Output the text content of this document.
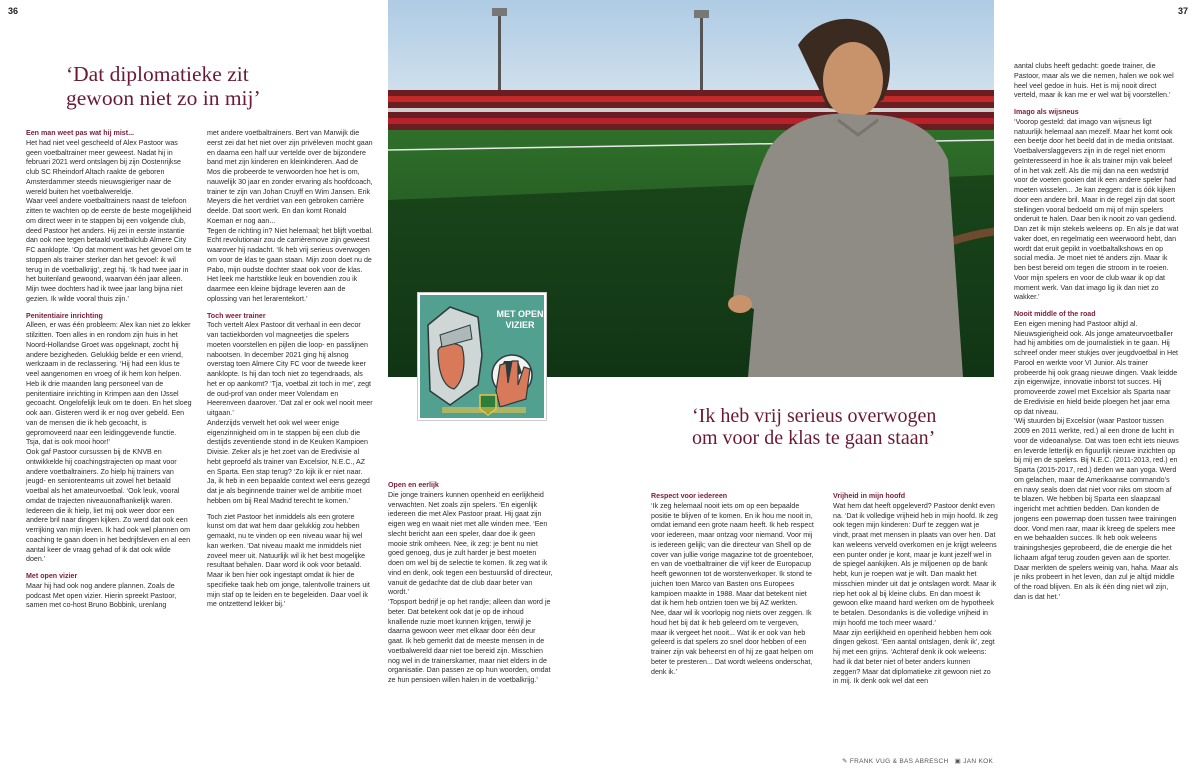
36	37
‘Dat diplomatieke zit gewoon niet zo in mij’

Een man weet pas wat hij mist...

Het had niet veel gescheeld of Alex Pastoor was geen voetbaltrainer meer geweest. Nadat hij in februari 2021 werd ontslagen bij zijn Oostenrijkse club SC Rheindorf Altach raakte de geboren Amsterdammer steeds nieuwsgieriger naar de wereld buiten het voetbalwereldje.

Waar veel andere voetbaltrainers naast de telefoon zitten te wachten op de eerste de beste mogelijkheid om direct weer in te stappen bij een volgende club, deed Pastoor het anders. Hij zei in eerste instantie dan ook nee tegen betaald voetbalclub Almere City FC aanklopte. ‘Op dat moment was het gevoel om te stoppen als trainer sterker dan het gevoel: ik wil terug in de voetbalkrijg’, zegt hij. ‘Ik had twee jaar in het buitenland gewoond, waarvan één jaar alleen. Mijn twee dochters had ik twee jaar lang bijna niet gezien. Ik wilde vooral thuis zijn.’

Penitentiaire inrichting

Alleen, er was één probleem: Alex kan niet zo lekker stilzitten. Toen alles in en rondom zijn huis in het Noord-Hollandse Groet was opgeknapt, zocht hij andere bezigheden. Gelukkig belde er een vriend, werkzaam in de reclassering. ‘Hij had een klus te veel aangenomen en vroeg of ik hem kon helpen. Heb ik drie maanden lang personeel van de penitentiaire inrichting in Krimpen aan den IJssel gecoacht. Ongelofelijk leuk om te doen. En het sloeg ook aan. Gisteren werd ik er nog over gebeld. Een van de mensen die ik heb gecoacht, is gepromoveerd naar een leidinggevende functie. Tsja, dat is ook mooi hoor!’

Ook gaf Pastoor cursussen bij de KNVB en ontwikkelde hij coachingstrajecten op maat voor andere voetbaltrainers. Zo hielp hij trainers van jeugd- en seniorenteams uit zowel het betaald voetbal als het amateurvoetbal. ‘Ook leuk, vooral omdat de trajecten niveauonafhankelijk waren. Iedereen die ik hielp, liet mij ook weer door een andere bril naar dingen kijken. Zo werd dat ook een verrijking van mijn leven. Ik had ook wel plannen om coaching te gaan doen in het bedrijfsleven en al een aantal keer de vraag gehad of ik dat ook wilde doen.’

Met open vizier

Maar hij had ook nog andere plannen. Zoals de podcast Met open vizier. Hierin spreekt Pastoor, samen met co-host Bruno Bobbink, urenlang

met andere voetbaltrainers. Bert van Marwijk die eerst zei dat het niet over zijn privéleven mocht gaan en daarna een half uur vertelde over de bijzondere band met zijn kinderen en kleinkinderen. Aad de Mos die probeerde te verwoorden hoe het is om, nauwelijk 30 jaar en zonder ervaring als hoofdcoach, trainer te zijn van Johan Cruyff en Wim Jansen. Erik Meyers die het verdriet van een gebroken carrière deelde. Dat soort werk. En dan komt Ronald Koeman er nog aan...

Tegen de richting in? Niet helemaal; het blijft voetbal. Echt revolutionair zou de carrièremove zijn geweest waarover hij nadacht. ‘Ik heb vrij serieus overwogen om voor de klas te gaan staan. Mijn zoon doet nu de Pabo, mijn oudste dochter staat ook voor de klas. Het leek me hartstikke leuk en bovendien zou ik daarmee een kleine bijdrage leveren aan de oplossing van het lerarentekort.’

Toch weer trainer

Toch vertelt Alex Pastoor dit verhaal in een decor van tactiekborden vol magneetjes die spelers moeten voorstellen en pijlen die loop- en passlijnen nabootsen. In december 2021 ging hij alsnog overstag toen Almere City FC voor de tweede keer aanklopte. Is hij dan toch niet zo tegendraads, als het er op aankomt? ‘Tja, voetbal zit toch in me’, zegt de oud-prof van onder meer Volendam en Heerenveen daarover. ‘Dat zal er ook wel nooit meer uitgaan.’

Anderzijds verwelt het ook wel weer enige eigenzinnigheid om in te stappen bij een club die destijds zeventiende stond in de Keuken Kampioen Divisie. Zeker als je het zoet van de Eredivisie al hebt geproefd als trainer van Excelsior, N.E.C., AZ en Sparta. Een stap terug? ‘Zo kijk ik er niet naar. Ja, ik heb in een bepaalde context wel eens gezegd dat je als beginnende trainer wel de ambitie moet hebben om bij Real Madrid terecht te komen.’

Toch ziet Pastoor het inmiddels als een grotere kunst om dat wat hem daar gelukkig zou hebben gemaakt, nu te vinden op een niveau waar hij wel kan werken. ‘Dat niveau maakt me inmiddels niet zoveel meer uit. Natuurlijk wil ik het best mogelijke resultaat behalen. Daar word ik ook voor betaald. Maar ik ben hier ook ingestapt omdat ik hier de specifieke taak heb om jonge, talentvolle trainers uit mijn staf op te leiden en te begeleiden. Daar voel ik me ontzettend lekker bij.’

MET OPEN
VIZIER
‘Ik heb vrij serieus overwogen om voor de klas te gaan staan’

Open en eerlijk

Die jonge trainers kunnen openheid en eerlijkheid verwachten. Net zoals zijn spelers. ‘En eigenlijk iedereen die met Alex Pastoor praat. Hij gaat zijn eigen weg en waait niet met alle winden mee. ‘Een slecht bericht aan een speler, daar doe ik geen mooie strik omheen. Nee, ik zeg: je bent nu niet goed genoeg, dus je zult harder je best moeten doen om wel bij de selectie te komen. Ik zeg wat ik vind en denk, ook tegen een bestuurslid of directeur, vanuit de gedachte dat de club daar beter van wordt.’

‘Topsport bedrijf je op het randje; alleen dan word je beter. Dat betekent ook dat je op de inhoud knallende ruzie moet kunnen krijgen, terwijl je daarna gewoon weer met elkaar door één deur gaat. Ik heb gemerkt dat de meeste mensen in de voetbalwereld daar niet toe bereid zijn. Misschien nog wel in de trainerskamer, maar niet elders in de organisatie. Dan passen ze op hun woorden, omdat ze hun pensioen willen halen in de voetbalkrijg.’

Respect voor iedereen

‘Ik zeg helemaal nooit iets om op een bepaalde positie te blijven of te komen. En ik hou me nooit in, omdat iemand een grote naam heeft. Ik heb respect voor iedereen, maar ontzag voor niemand. Voor mij is iedereen gelijk; van die directeur van Shell op de cover van jullie vorige magazine tot de groenteboer, en van de voetbaltrainer die vijf keer de Europacup heeft gewonnen tot de worstenverkoper. Ik stond te juichen toen Marco van Basten ons Europees kampioen maakte in 1988. Maar dat betekent niet dat ik hem heb ontzien toen we bij AZ werkten.

Nee, daar wil ik voorlopig nog niets over zeggen. Ik houd het bij dat ik heb geleerd om te vergeven, maar ik vergeet het nooit... Wat ik er ook van heb geleerd is dat spelers zo snel door hebben of een trainer zijn vak beheerst en of hij ze gaat helpen om beter te presteren... Dat wordt weleens onderschat, denk ik.’

Vrijheid in mijn hoofd

Wat hem dat heeft opgeleverd? Pastoor denkt even na. ‘Dat ik volledige vrijheid heb in mijn hoofd. Ik zeg ook tegen mijn kinderen: Durf te zeggen wat je vindt, praat met mensen in plaats van over hen. Dat kan weleens verveld overkomen en je krijgt weleens een punter onder je kont, maar je kunt jezelf wel in de spiegel aankijken. Als je miljoenen op de bank hebt, kun je roepen wat je wilt. Dan maakt het misschien minder uit dat je ontslagen wordt. Maar ik riep het ook al bij kleine clubs. En dan moest ik gewoon elke maand hard werken om de hypotheek te betalen. Desondanks is die volledige vrijheid in mijn hoofd me toch meer waard.’

Maar zijn eerlijkheid en openheid hebben hem ook dingen gekost. ‘Een aantal ontslagen, denk ik’, zegt hij met een grijns. ‘Achteraf denk ik ook weleens: had ik dat beter niet of beter anders kunnen zeggen? Maar dat diplomatieke zit gewoon niet zo in mij. Ik denk ook wel dat een

aantal clubs heeft gedacht: goede trainer, die Pastoor, maar als we die nemen, halen we ook wel heel veel gedoe in huis. Het is mij nooit direct verteld, maar ik kan me er wel wat bij voorstellen.’

Imago als wijsneus

‘Voorop gesteld: dat imago van wijsneus ligt natuurlijk helemaal aan mezelf. Maar het komt ook een beetje door het beeld dat in de media ontstaat. Voetbalverslaggevers zijn in de regel niet enorm geïnteresseerd in hoe ik als trainer mijn vak beleef of in het vak zelf. Als die mij dan na een wedstrijd voor de voeten gooien dat ik een andere speler had moeten wisselen... Je kan zeggen: dat is óók kijken door een andere bril. Maar in de regel zijn dat soort stellingen vooral bedoeld om mij of mijn spelers onderuit te halen. Daar ben ik nooit zo van gediend. Dan zet ik mijn stekels weleens op. En als je dat wat vaker doet, en regelmatig een weerwoord hebt, dan wordt dat eruit gepikt in voetbaltalkshows en op social media. Je moet niet té anders zijn. Maar ik ben best bereid om tegen die stroom in te roeien. Voor mijn spelers en voor de club waar ik op dat moment werk. Van dat imago lig ik dan niet zo wakker.’

Nooit middle of the road

Een eigen mening had Pastoor altijd al. Nieuwsgierigheid ook. Als jonge amateurvoetballer had hij ambities om de journalistiek in te gaan. Hij schreef onder meer stukjes over jeugdvoetbal in Het Parool en werkte voor VI Junior. Als trainer probeerde hij ook graag nieuwe dingen. Vaak leidde zijn eigenwijze, innovatie inborst tot succes. Hij promoveerde zowel met Excelsior als Sparta naar de Eredivisie en hield beide ploegen het jaar erna op dat niveau.

‘Wij stuurden bij Excelsior (waar Pastoor tussen 2009 en 2011 werkte, red.) al een drone de lucht in voor de videoanalyse. Dat was toen echt iets nieuws en leverde letterlijk en figuurlijk nieuwe inzichten op bij mij en de spelers. Bij N.E.C. (2011-2013, red.) en Sparta (2015-2017, red.) deden we aan yoga. Werd om gelachen, maar de Amerikaanse commando’s en navy seals doen dat niet voor niks om stoom af te blazen. We hebben bij Sparta een slaapzaal ingericht met achttien bedden. Dan konden de jongens een powernap doen tussen twee trainingen door. Vond men raar, maar ik kreeg de spelers mee en we behaalden succes. Ik heb ook weleens trainingshesjes geprobeerd, die de energie die het lichaam afgaf terug zouden geven aan de sporter. Daar merkten de spelers weinig van, haha. Maar als je niks probeert in het leven, dan zul je altijd middle of the road blijven. En als ik één ding niet wil zijn, dan is dat het.’

✎ FRANK VUG & BAS ABRESCH ▣ JAN KOK
